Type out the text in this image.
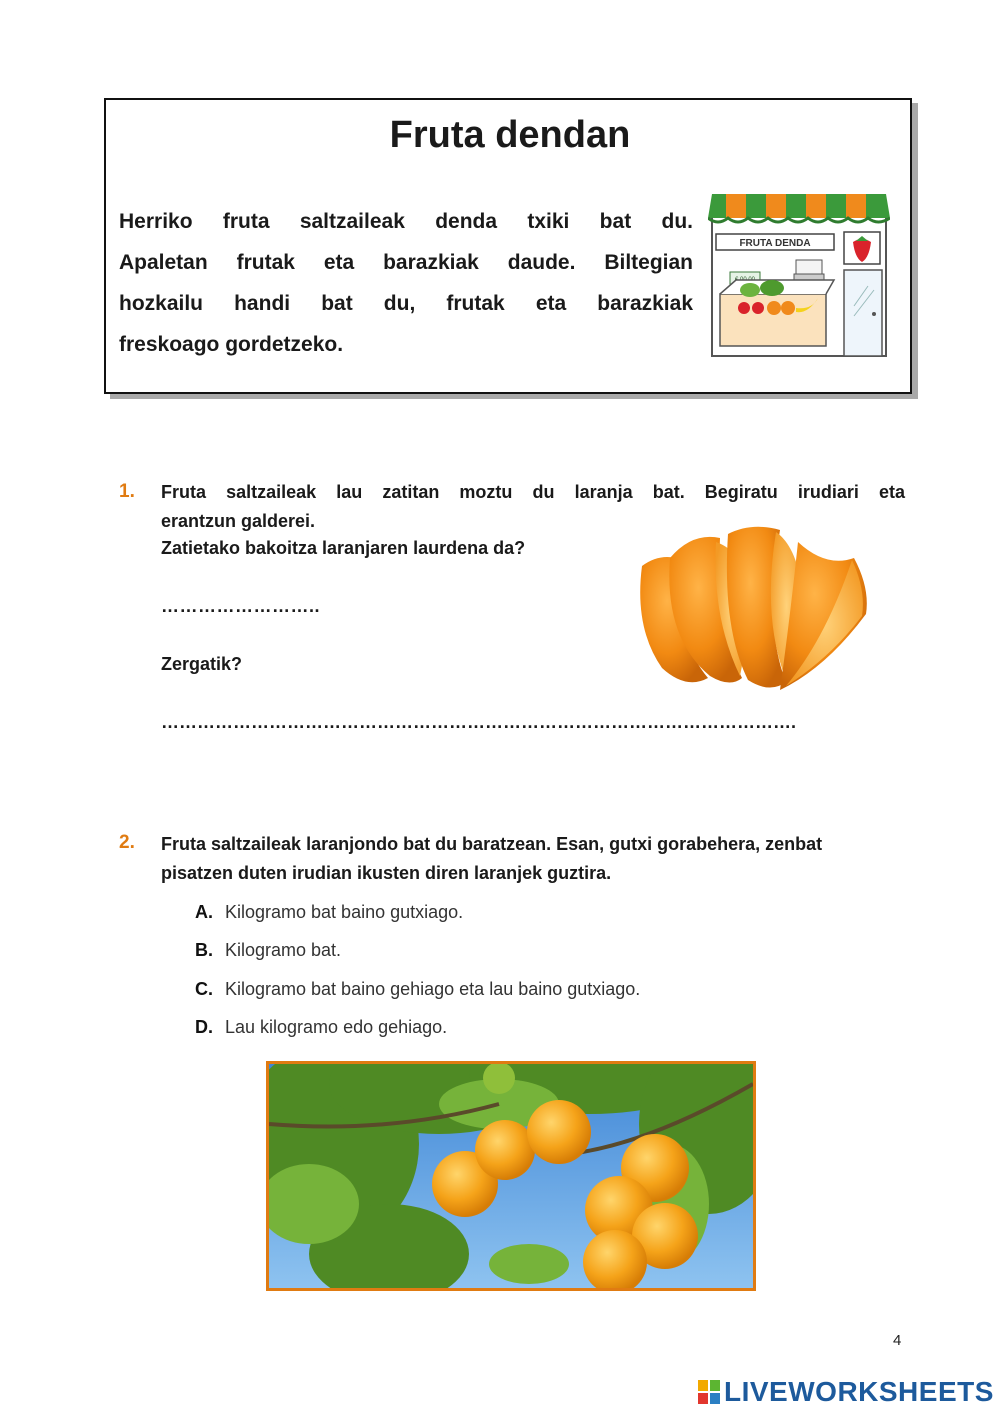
Fruta dendan
Herriko fruta saltzaileak denda txiki bat du.
Apaletan frutak eta barazkiak daude. Biltegian
hozkailu handi bat du, frutak eta barazkiak
freskoago gordetzeko.
FRUTA DENDA
1. Fruta saltzaileak lau zatitan moztu du laranja bat. Begiratu irudiari eta
erantzun galderei.
Zatietako bakoitza laranjaren laurdena da?
……………………..
Zergatik?
…………………………………………………………………………………………….
2. Fruta saltzaileak laranjondo bat du baratzean. Esan, gutxi gorabehera, zenbat
pisatzen duten irudian ikusten diren laranjek guztira.
A. Kilogramo bat baino gutxiago.
B. Kilogramo bat.
C. Kilogramo bat baino gehiago eta lau baino gutxiago.
D. Lau kilogramo edo gehiago.
4
LIVEWORKSHEETS
